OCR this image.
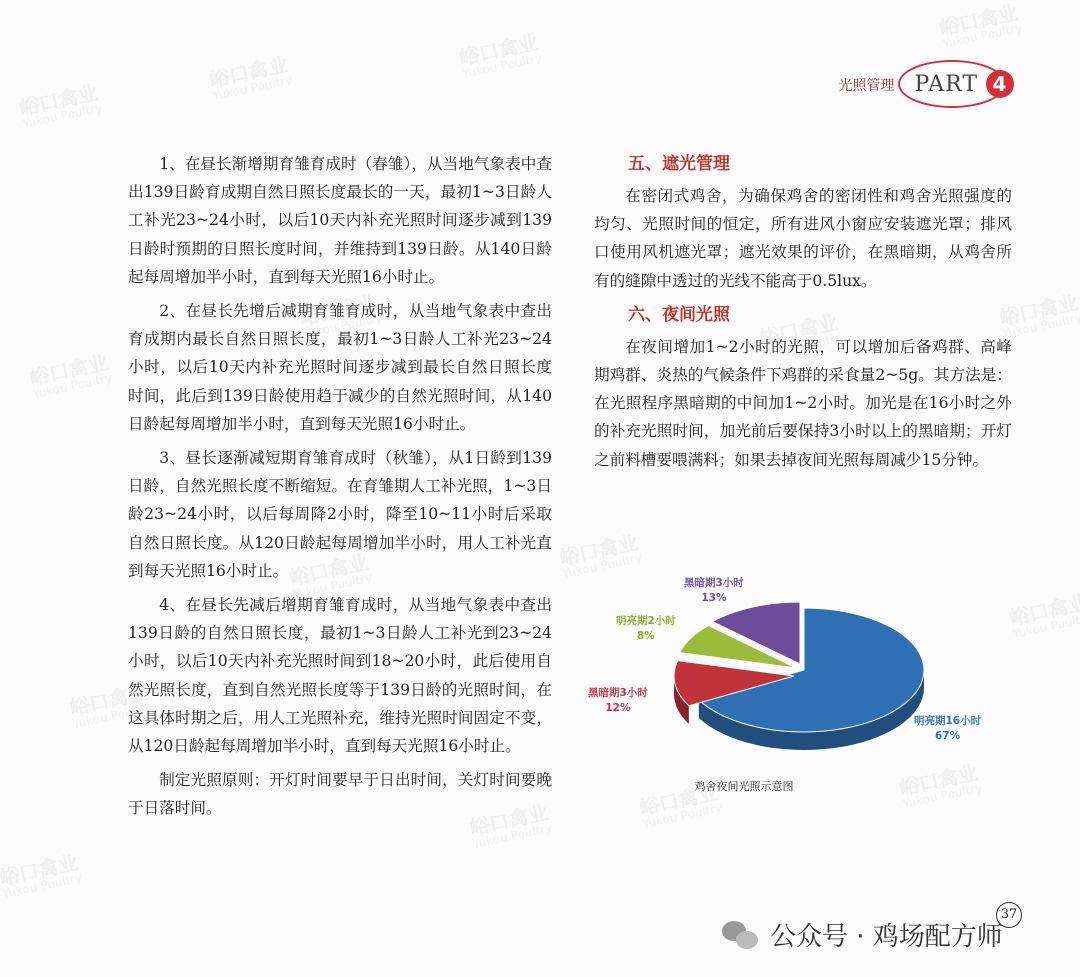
光照管理 PART 4

1、在昼长渐增期育雏育成时（春雏），从当地气象表中查出139日龄育成期自然日照长度最长的一天，最初1~3日龄人工补光23~24小时，以后10天内补充光照时间逐步减到139日龄时预期的日照长度时间，并维持到139日龄。从140日龄起每周增加半小时，直到每天光照16小时止。

2、在昼长先增后减期育雏育成时，从当地气象表中查出育成期内最长自然日照长度，最初1~3日龄人工补光23~24小时，以后10天内补充光照时间逐步减到最长自然日照长度时间，此后到139日龄使用趋于减少的自然光照时间，从140日龄起每周增加半小时，直到每天光照16小时止。

3、昼长逐渐减短期育雏育成时（秋雏），从1日龄到139日龄，自然光照长度不断缩短。在育雏期人工补光照，1~3日龄23~24小时，以后每周降2小时，降至10~11小时后采取自然日照长度。从120日龄起每周增加半小时，用人工补光直到每天光照16小时止。

4、在昼长先减后增期育雏育成时，从当地气象表中查出139日龄的自然日照长度，最初1~3日龄人工补光到23~24小时，以后10天内补充光照时间到18~20小时，此后使用自然光照长度，直到自然光照长度等于139日龄的光照时间，在这具体时期之后，用人工光照补充，维持光照时间固定不变，从120日龄起每周增加半小时，直到每天光照16小时止。

制定光照原则：开灯时间要早于日出时间，关灯时间要晚于日落时间。

五、遮光管理

在密闭式鸡舍，为确保鸡舍的密闭性和鸡舍光照强度的均匀、光照时间的恒定，所有进风小窗应安装遮光罩；排风口使用风机遮光罩；遮光效果的评价，在黑暗期，从鸡舍所有的缝隙中透过的光线不能高于0.5lux。

六、夜间光照

在夜间增加1~2小时的光照，可以增加后备鸡群、高峰期鸡群、炎热的气候条件下鸡群的采食量2~5g。其方法是：在光照程序黑暗期的中间加1~2小时。加光是在16小时之外的补充光照时间，加光前后要保持3小时以上的黑暗期；开灯之前料槽要喂满料；如果去掉夜间光照每周减少15分钟。

明亮期16小时
67%
黑暗期3小时
12%
明亮期2小时
8%
黑暗期3小时
13%
鸡舍夜间光照示意图
37
公众号 · 鸡场配方师
